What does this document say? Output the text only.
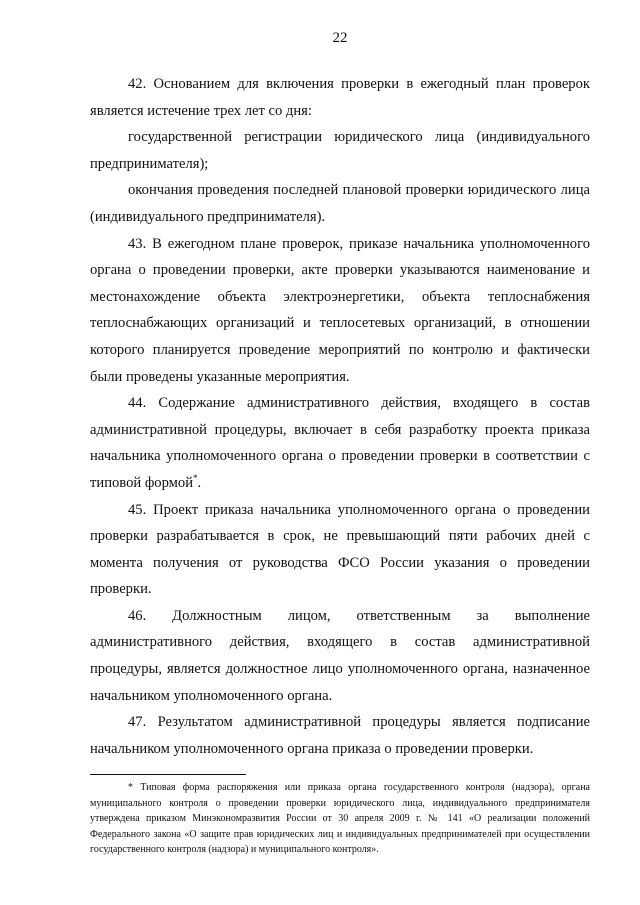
22

42. Основанием для включения проверки в ежегодный план проверок является истечение трех лет со дня:

государственной регистрации юридического лица (индивидуального предпринимателя);

окончания проведения последней плановой проверки юридического лица (индивидуального предпринимателя).

43. В ежегодном плане проверок, приказе начальника уполномоченного органа о проведении проверки, акте проверки указываются наименование и местонахождение объекта электроэнергетики, объекта теплоснабжения теплоснабжающих организаций и теплосетевых организаций, в отношении которого планируется проведение мероприятий по контролю и фактически были проведены указанные мероприятия.

44. Содержание административного действия, входящего в состав административной процедуры, включает в себя разработку проекта приказа начальника уполномоченного органа о проведении проверки в соответствии с типовой формой*.

45. Проект приказа начальника уполномоченного органа о проведении проверки разрабатывается в срок, не превышающий пяти рабочих дней с момента получения от руководства ФСО России указания о проведении проверки.

46. Должностным лицом, ответственным за выполнение административного действия, входящего в состав административной процедуры, является должностное лицо уполномоченного органа, назначенное начальником уполномоченного органа.

47. Результатом административной процедуры является подписание начальником уполномоченного органа приказа о проведении проверки.

* Типовая форма распоряжения или приказа органа государственного контроля (надзора), органа муниципального контроля о проведении проверки юридического лица, индивидуального предпринимателя утверждена приказом Минэкономразвития России от 30 апреля 2009 г. № 141 «О реализации положений Федерального закона «О защите прав юридических лиц и индивидуальных предпринимателей при осуществлении государственного контроля (надзора) и муниципального контроля».
